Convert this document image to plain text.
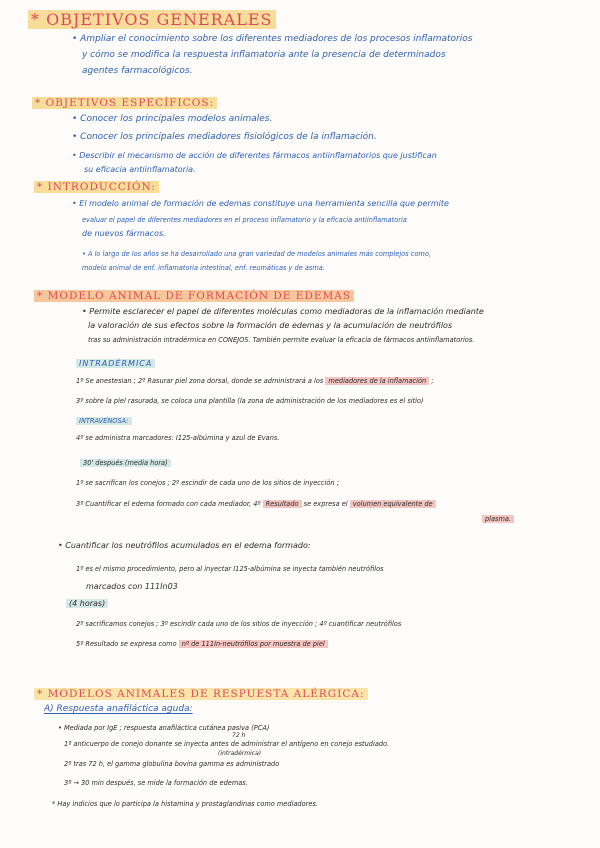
* OBJETIVOS GENERALES
• Ampliar el conocimiento sobre los diferentes mediadores de los procesos inflamatorios
y cómo se modifica la respuesta inflamatoria ante la presencia de determinados
agentes farmacológicos.
* OBJETIVOS ESPECÍFICOS:
• Conocer los principales modelos animales.
• Conocer los principales mediadores fisiológicos de la inflamación.
• Describir el mecanismo de acción de diferentes fármacos antiinflamatorios que justifican
su eficacia antiinflamatoria.
* INTRODUCCIÓN:
• El modelo animal de formación de edemas constituye una herramienta sencilla que permite
evaluar el papel de diferentes mediadores en el proceso inflamatorio y la eficacia antiinflamatoria
de nuevos fármacos.
• A lo largo de los años se ha desarrollado una gran variedad de modelos animales más complejos como,
modelo animal de enf. inflamatoria intestinal, enf. reumáticas y de asma.
* MODELO ANIMAL DE FORMACIÓN DE EDEMAS
• Permite esclarecer el papel de diferentes moléculas como mediadoras de la inflamación mediante
la valoración de sus efectos sobre la formación de edemas y la acumulación de neutrófilos
tras su administración intradérmica en CONEJOS. También permite evaluar la eficacia de fármacos antiinflamatorios.
INTRADÉRMICA
1º Se anestesian ; 2º Rasurar piel zona dorsal, donde se administrará a los mediadores de la inflamación ;
3º sobre la piel rasurada, se coloca una plantilla (la zona de administración de los mediadores es el sitio)
INTRAVENOSA:
4º se administra marcadores: I125-albúmina y azul de Evans.
30' después (media hora)
1º se sacrifican los conejos ; 2º escindir de cada uno de los sitios de inyección ;
3º Cuantificar el edema formado con cada mediador, 4º Resultado se expresa el volumen equivalente de
plasma.
• Cuantificar los neutrófilos acumulados en el edema formado:
1º es el mismo procedimiento, pero al inyectar I125-albúmina se inyecta también neutrófilos
marcados con 111In03
(4 horas)
2º sacrificamos conejos ; 3º escindir cada uno de los sitios de inyección ; 4º cuantificar neutrófilos
5º Resultado se expresa como nº de 111In-neutrófilos por muestra de piel
* MODELOS ANIMALES DE RESPUESTA ALÉRGICA:
A) Respuesta anafiláctica aguda:
• Mediada por IgE ; respuesta anafiláctica cutánea pasiva (PCA)
72 h
1º anticuerpo de conejo donante se inyecta antes de administrar el antígeno en conejo estudiado.
(intradérmica)
2º tras 72 h, el gamma globulina bovina gamma es administrado
3º → 30 min después, se mide la formación de edemas.
* Hay indicios que lo participa la histamina y prostaglandinas como mediadores.
